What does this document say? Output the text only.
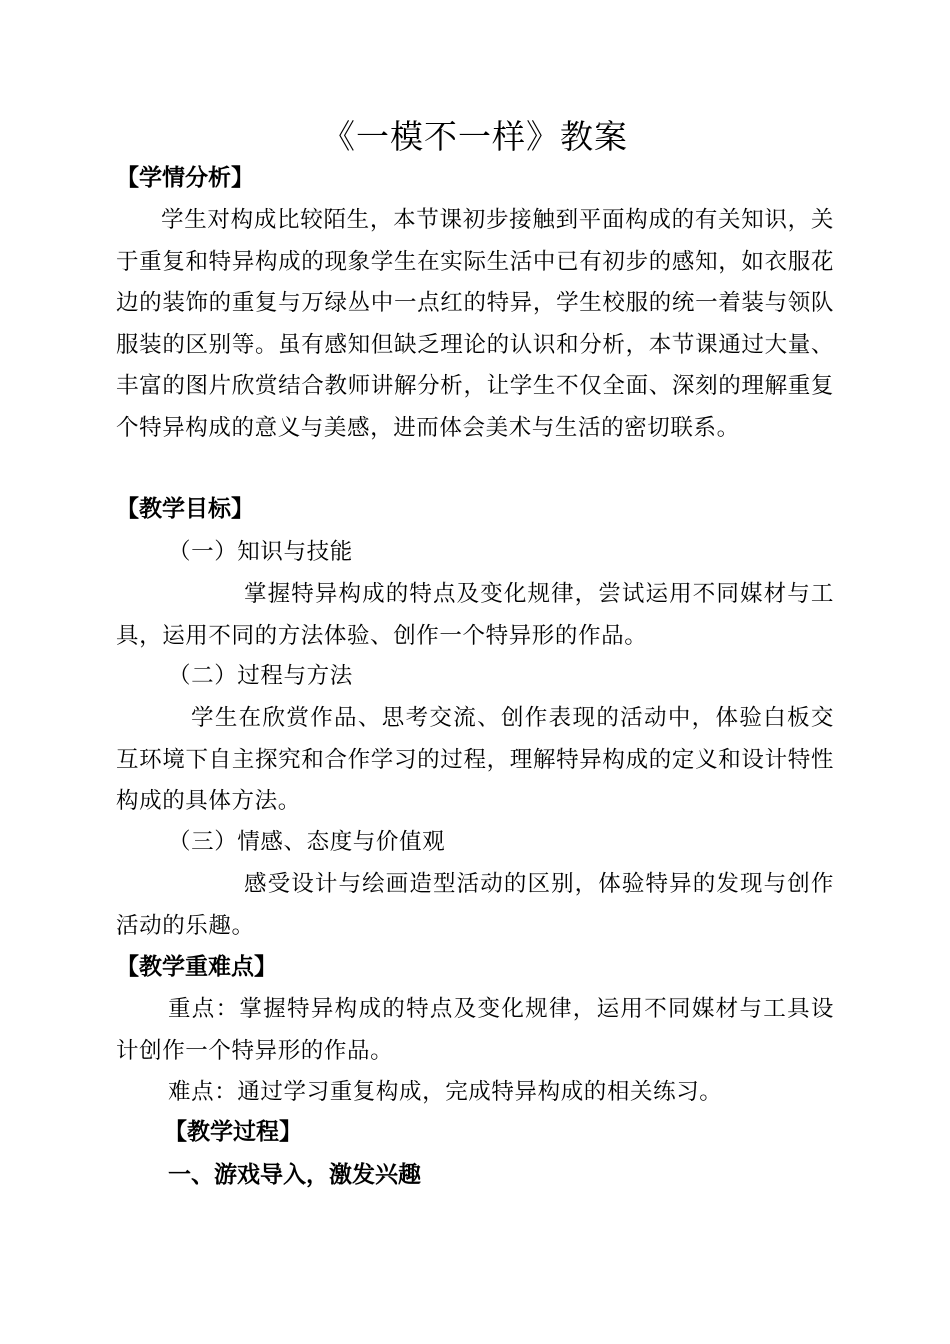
《一模不一样》教案
【学情分析】

学生对构成比较陌生，本节课初步接触到平面构成的有关知识，关于重复和特异构成的现象学生在实际生活中已有初步的感知，如衣服花边的装饰的重复与万绿丛中一点红的特异，学生校服的统一着装与领队服装的区别等。虽有感知但缺乏理论的认识和分析，本节课通过大量、丰富的图片欣赏结合教师讲解分析，让学生不仅全面、深刻的理解重复个特异构成的意义与美感，进而体会美术与生活的密切联系。

【教学目标】
（一）知识与技能

掌握特异构成的特点及变化规律，尝试运用不同媒材与工具，运用不同的方法体验、创作一个特异形的作品。

（二）过程与方法

学生在欣赏作品、思考交流、创作表现的活动中，体验白板交互环境下自主探究和合作学习的过程，理解特异构成的定义和设计特性构成的具体方法。

（三）情感、态度与价值观

感受设计与绘画造型活动的区别，体验特异的发现与创作活动的乐趣。

【教学重难点】

重点：掌握特异构成的特点及变化规律，运用不同媒材与工具设计创作一个特异形的作品。

难点：通过学习重复构成，完成特异构成的相关练习。

【教学过程】
一、游戏导入，激发兴趣
